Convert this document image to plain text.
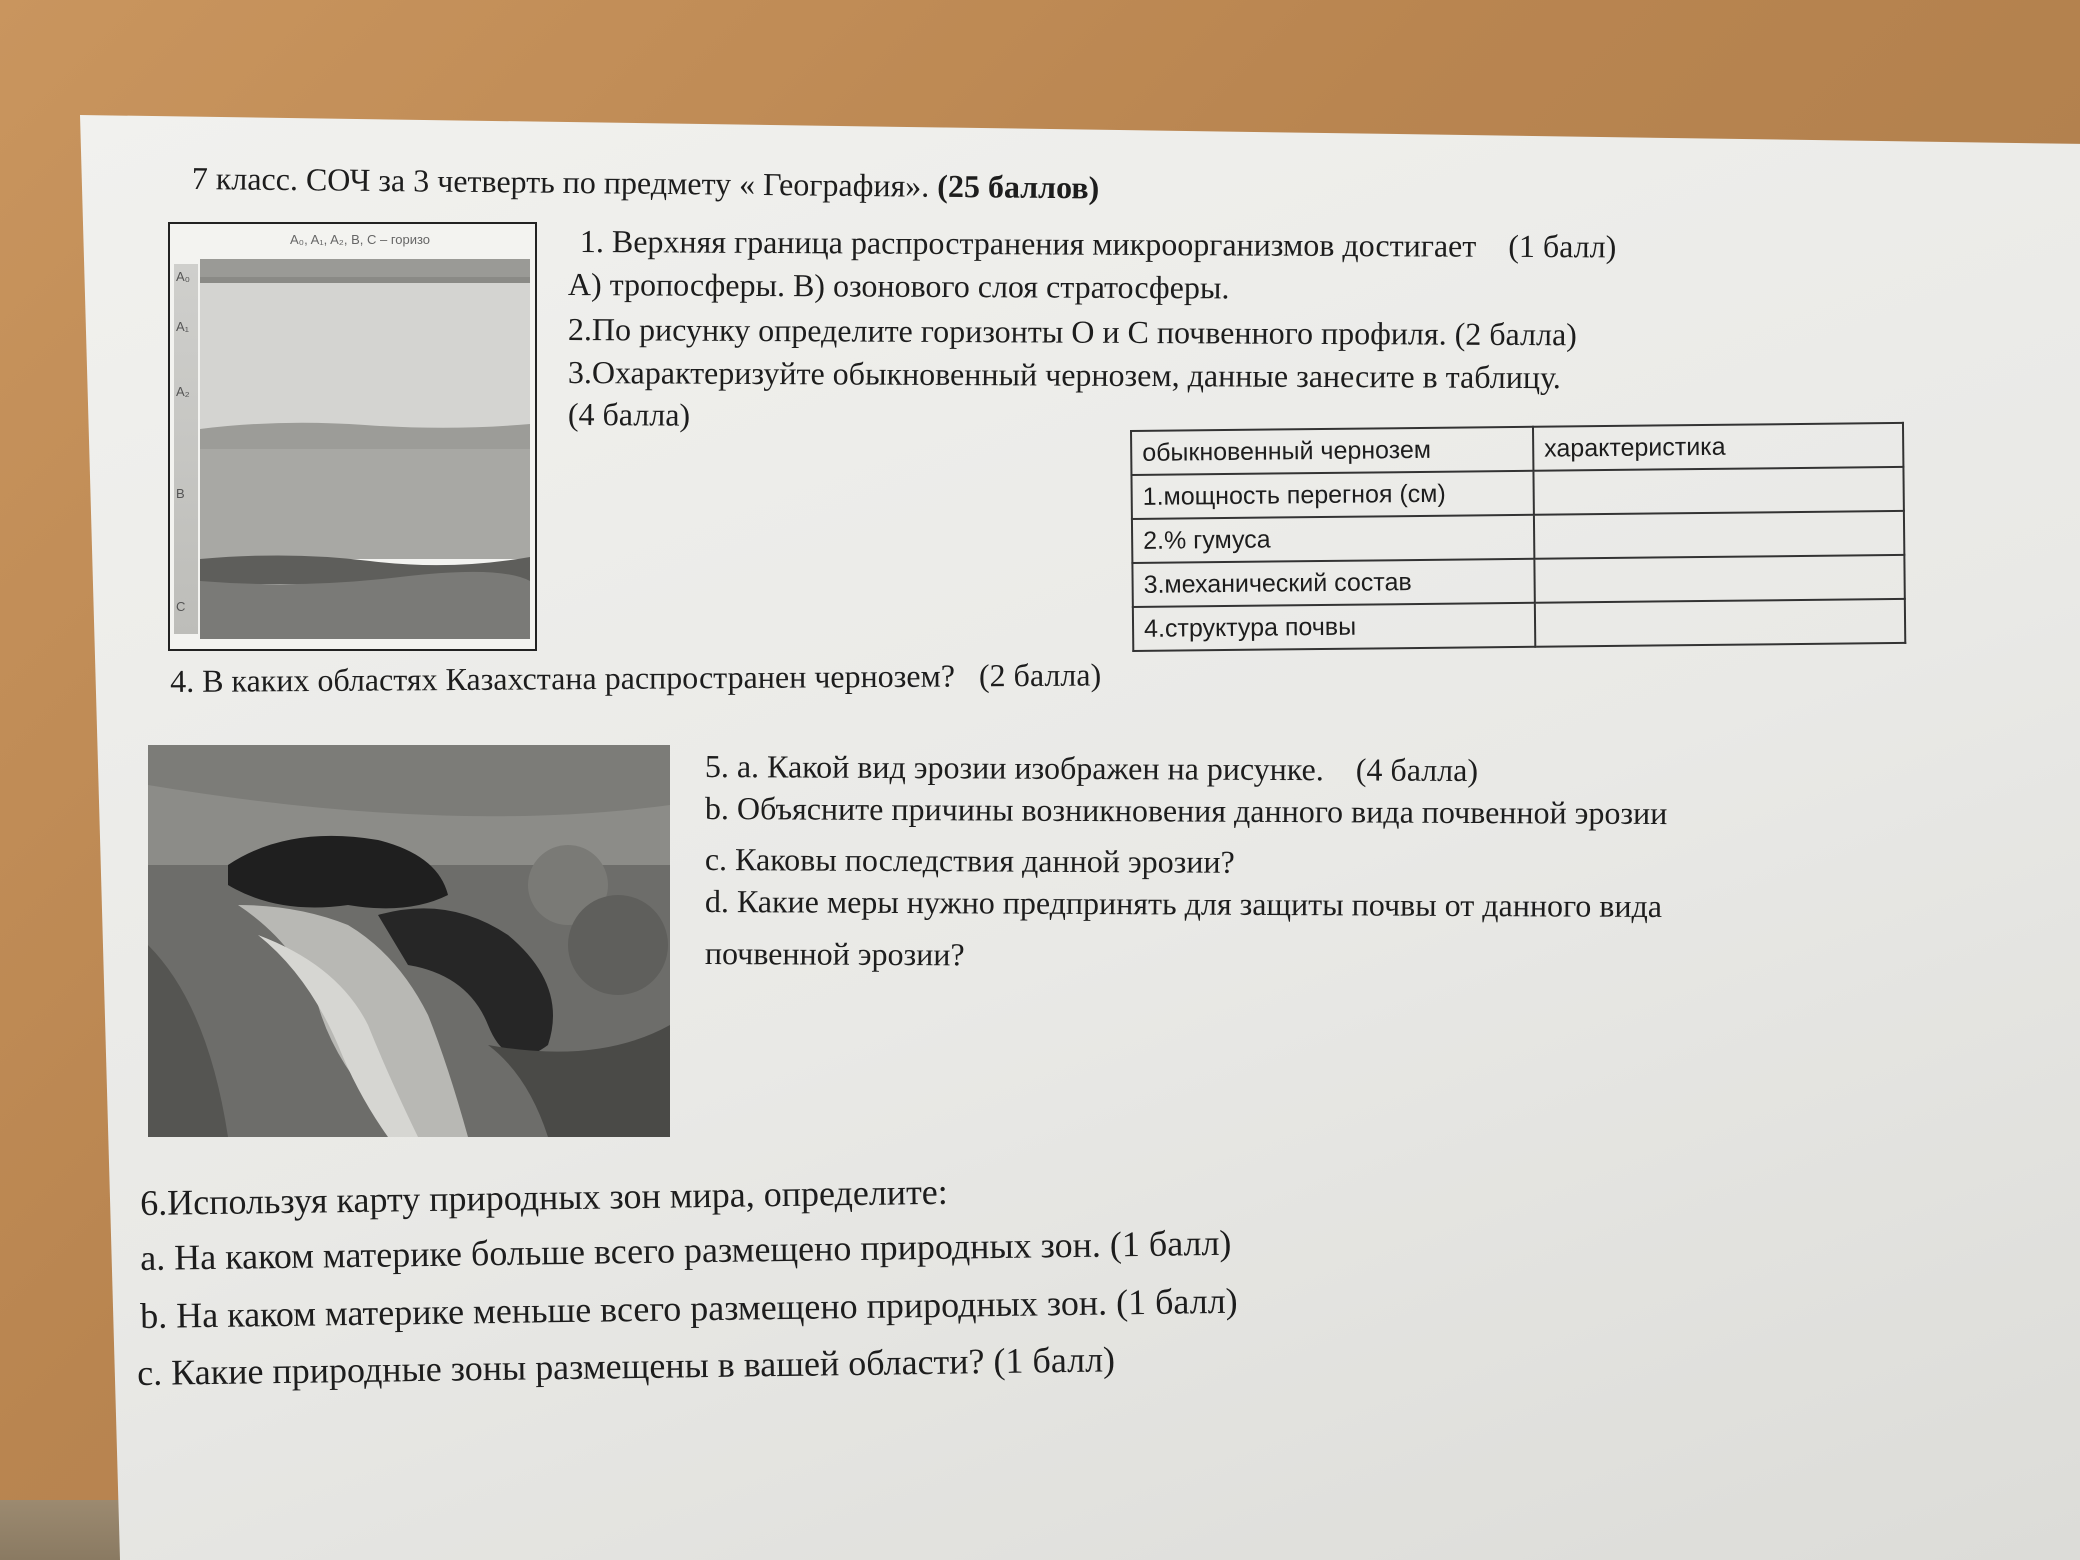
7 класс. СОЧ за 3 четверть по предмету « География». (25 баллов)
A₀, A₁, A₂, B, C – горизо
A₀
A₁
A₂
B
C
1. Верхняя граница распространения микроорганизмов достигает (1 балл)
А) тропосферы. В) озонового слоя стратосферы.
2.По рисунку определите горизонты О и С почвенного профиля. (2 балла)
3.Охарактеризуйте обыкновенный чернозем, данные занесите в таблицу.
(4 балла)
обыкновенный чернозем	характеристика
1.мощность перегноя (см)	
2.% гумуса	
3.механический состав	
4.структура почвы	
4. В каких областях Казахстана распространен чернозем? (2 балла)
5. а. Какой вид эрозии изображен на рисунке. (4 балла)
b. Объясните причины возникновения данного вида почвенной эрозии
c. Каковы последствия данной эрозии?
d. Какие меры нужно предпринять для защиты почвы от данного вида
почвенной эрозии?
6.Используя карту природных зон мира, определите:
a. На каком материке больше всего размещено природных зон. (1 балл)
b. На каком материке меньше всего размещено природных зон. (1 балл)
c. Какие природные зоны размещены в вашей области? (1 балл)
